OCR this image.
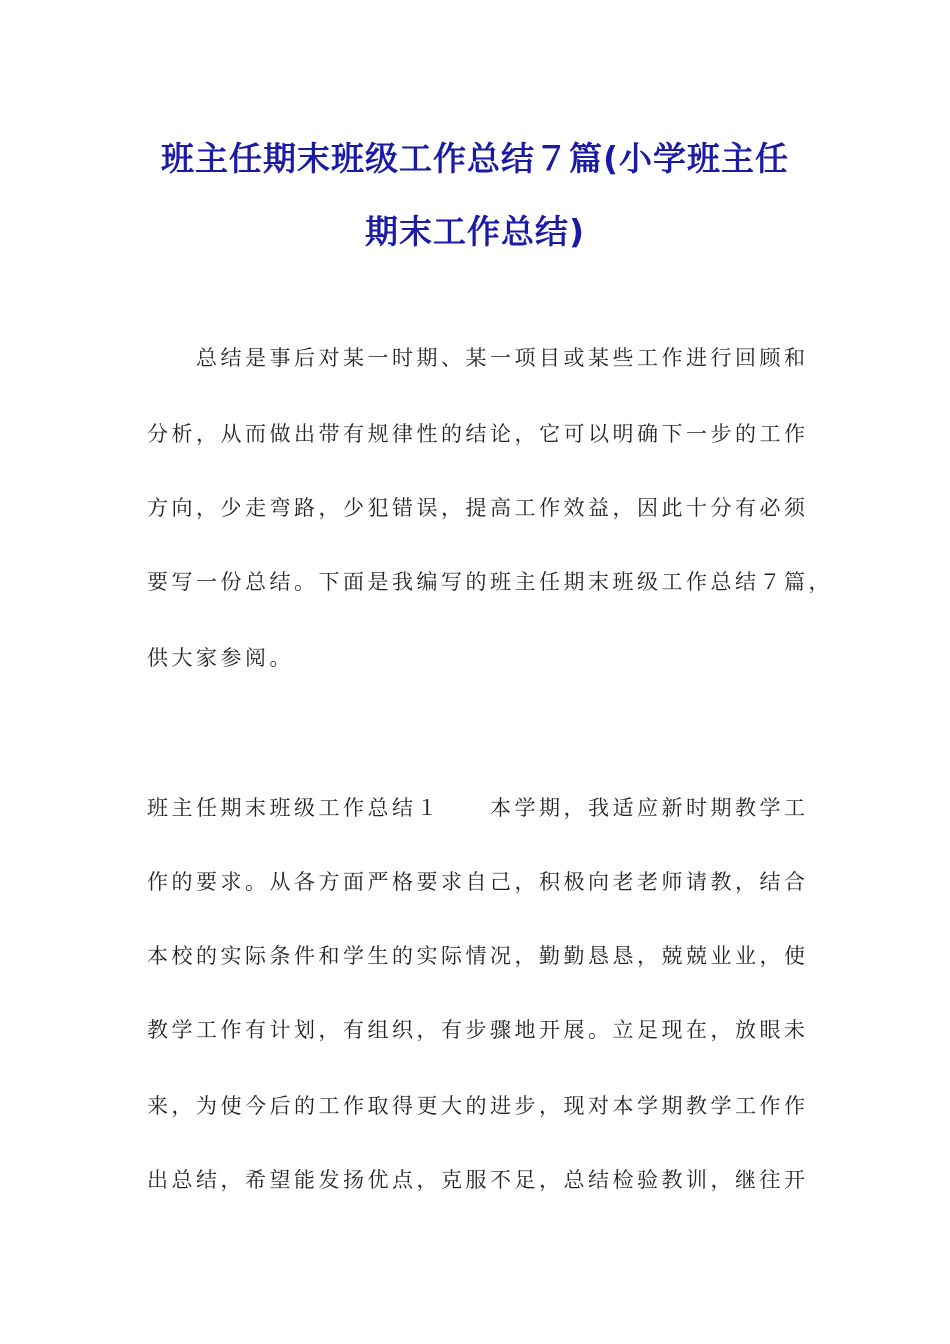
班主任期末班级工作总结７篇(小学班主任
期末工作总结)
　　总结是事后对某一时期、某一项目或某些工作进行回顾和
分析，从而做出带有规律性的结论，它可以明确下一步的工作
方向，少走弯路，少犯错误，提高工作效益，因此十分有必须
要写一份总结。下面是我编写的班主任期末班级工作总结７篇，
供大家参阅。
班主任期末班级工作总结１　　本学期，我适应新时期教学工
作的要求。从各方面严格要求自己，积极向老老师请教，结合
本校的实际条件和学生的实际情况，勤勤恳恳，兢兢业业，使
教学工作有计划，有组织，有步骤地开展。立足现在，放眼未
来，为使今后的工作取得更大的进步，现对本学期教学工作作
出总结，希望能发扬优点，克服不足，总结检验教训，继往开
